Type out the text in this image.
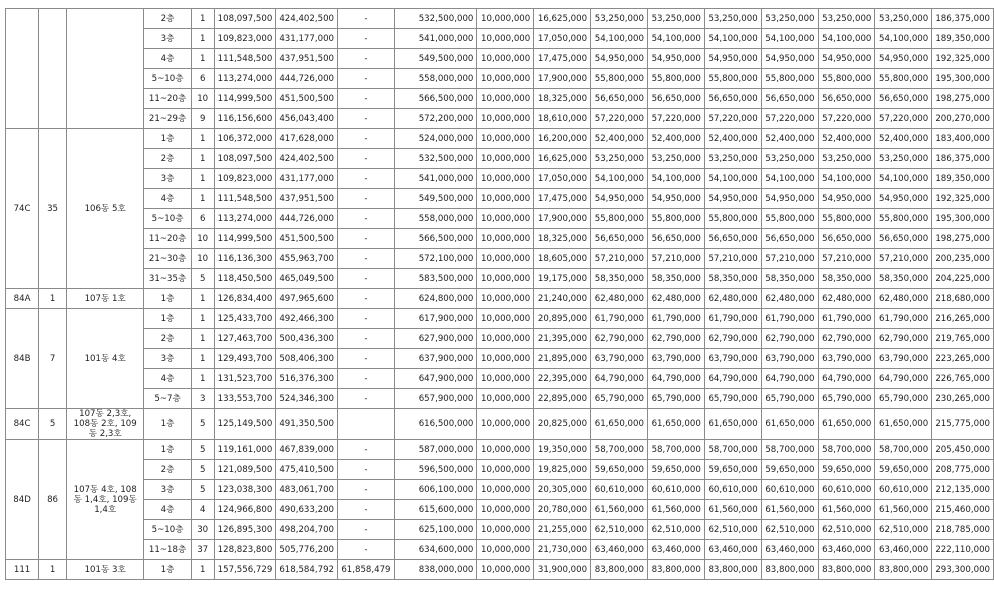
			2층	1	108,097,500	424,402,500	-	532,500,000	10,000,000	16,625,000	53,250,000	53,250,000	53,250,000	53,250,000	53,250,000	53,250,000	186,375,000
			3층	1	109,823,000	431,177,000	-	541,000,000	10,000,000	17,050,000	54,100,000	54,100,000	54,100,000	54,100,000	54,100,000	54,100,000	189,350,000
			4층	1	111,548,500	437,951,500	-	549,500,000	10,000,000	17,475,000	54,950,000	54,950,000	54,950,000	54,950,000	54,950,000	54,950,000	192,325,000
			5~10층	6	113,274,000	444,726,000	-	558,000,000	10,000,000	17,900,000	55,800,000	55,800,000	55,800,000	55,800,000	55,800,000	55,800,000	195,300,000
			11~20층	10	114,999,500	451,500,500	-	566,500,000	10,000,000	18,325,000	56,650,000	56,650,000	56,650,000	56,650,000	56,650,000	56,650,000	198,275,000
			21~29층	9	116,156,600	456,043,400	-	572,200,000	10,000,000	18,610,000	57,220,000	57,220,000	57,220,000	57,220,000	57,220,000	57,220,000	200,270,000
74C	35	106동 5호	1층	1	106,372,000	417,628,000	-	524,000,000	10,000,000	16,200,000	52,400,000	52,400,000	52,400,000	52,400,000	52,400,000	52,400,000	183,400,000
			2층	1	108,097,500	424,402,500	-	532,500,000	10,000,000	16,625,000	53,250,000	53,250,000	53,250,000	53,250,000	53,250,000	53,250,000	186,375,000
			3층	1	109,823,000	431,177,000	-	541,000,000	10,000,000	17,050,000	54,100,000	54,100,000	54,100,000	54,100,000	54,100,000	54,100,000	189,350,000
			4층	1	111,548,500	437,951,500	-	549,500,000	10,000,000	17,475,000	54,950,000	54,950,000	54,950,000	54,950,000	54,950,000	54,950,000	192,325,000
			5~10층	6	113,274,000	444,726,000	-	558,000,000	10,000,000	17,900,000	55,800,000	55,800,000	55,800,000	55,800,000	55,800,000	55,800,000	195,300,000
			11~20층	10	114,999,500	451,500,500	-	566,500,000	10,000,000	18,325,000	56,650,000	56,650,000	56,650,000	56,650,000	56,650,000	56,650,000	198,275,000
			21~30층	10	116,136,300	455,963,700	-	572,100,000	10,000,000	18,605,000	57,210,000	57,210,000	57,210,000	57,210,000	57,210,000	57,210,000	200,235,000
			31~35층	5	118,450,500	465,049,500	-	583,500,000	10,000,000	19,175,000	58,350,000	58,350,000	58,350,000	58,350,000	58,350,000	58,350,000	204,225,000
84A	1	107동 1호	1층	1	126,834,400	497,965,600	-	624,800,000	10,000,000	21,240,000	62,480,000	62,480,000	62,480,000	62,480,000	62,480,000	62,480,000	218,680,000
84B	7	101동 4호	1층	1	125,433,700	492,466,300	-	617,900,000	10,000,000	20,895,000	61,790,000	61,790,000	61,790,000	61,790,000	61,790,000	61,790,000	216,265,000
			2층	1	127,463,700	500,436,300	-	627,900,000	10,000,000	21,395,000	62,790,000	62,790,000	62,790,000	62,790,000	62,790,000	62,790,000	219,765,000
			3층	1	129,493,700	508,406,300	-	637,900,000	10,000,000	21,895,000	63,790,000	63,790,000	63,790,000	63,790,000	63,790,000	63,790,000	223,265,000
			4층	1	131,523,700	516,376,300	-	647,900,000	10,000,000	22,395,000	64,790,000	64,790,000	64,790,000	64,790,000	64,790,000	64,790,000	226,765,000
			5~7층	3	133,553,700	524,346,300	-	657,900,000	10,000,000	22,895,000	65,790,000	65,790,000	65,790,000	65,790,000	65,790,000	65,790,000	230,265,000
84C	5	107동 2,3호, 108동 2호, 109동 2,3호	1층	5	125,149,500	491,350,500		616,500,000	10,000,000	20,825,000	61,650,000	61,650,000	61,650,000	61,650,000	61,650,000	61,650,000	215,775,000
84D	86	107동 4호, 108동 1,4호, 109동 1,4호	1층	5	119,161,000	467,839,000	-	587,000,000	10,000,000	19,350,000	58,700,000	58,700,000	58,700,000	58,700,000	58,700,000	58,700,000	205,450,000
			2층	5	121,089,500	475,410,500	-	596,500,000	10,000,000	19,825,000	59,650,000	59,650,000	59,650,000	59,650,000	59,650,000	59,650,000	208,775,000
			3층	5	123,038,300	483,061,700	-	606,100,000	10,000,000	20,305,000	60,610,000	60,610,000	60,610,000	60,610,000	60,610,000	60,610,000	212,135,000
			4층	4	124,966,800	490,633,200	-	615,600,000	10,000,000	20,780,000	61,560,000	61,560,000	61,560,000	61,560,000	61,560,000	61,560,000	215,460,000
			5~10층	30	126,895,300	498,204,700	-	625,100,000	10,000,000	21,255,000	62,510,000	62,510,000	62,510,000	62,510,000	62,510,000	62,510,000	218,785,000
			11~18층	37	128,823,800	505,776,200	-	634,600,000	10,000,000	21,730,000	63,460,000	63,460,000	63,460,000	63,460,000	63,460,000	63,460,000	222,110,000
111	1	101동 3호	1층	1	157,556,729	618,584,792	61,858,479	838,000,000	10,000,000	31,900,000	83,800,000	83,800,000	83,800,000	83,800,000	83,800,000	83,800,000	293,300,000
